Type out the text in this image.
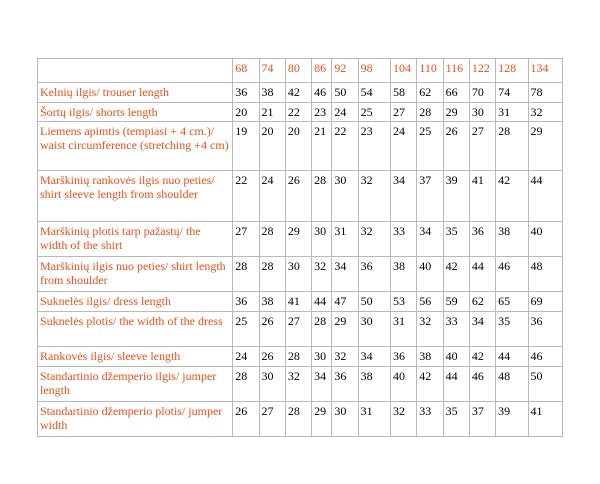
	68	74	80	86	92	98	104	110	116	122	128	134
Kelnių ilgis/ trouser length	36	38	42	46	50	54	58	62	66	70	74	78
Šortų ilgis/ shorts length	20	21	22	23	24	25	27	28	29	30	31	32
Liemens apimtis (tempiasi + 4 cm.)/ waist circumference (stretching +4 cm)	19	20	20	21	22	23	24	25	26	27	28	29
Marškinių rankovės ilgis nuo peties/ shirt sleeve length from shoulder	22	24	26	28	30	32	34	37	39	41	42	44
Marškinių plotis tarp pažastų/ the width of the shirt	27	28	29	30	31	32	33	34	35	36	38	40
Marškinių ilgis nuo peties/ shirt length from shoulder	28	28	30	32	34	36	38	40	42	44	46	48
Suknelės ilgis/ dress length	36	38	41	44	47	50	53	56	59	62	65	69
Suknelės plotis/ the width of the dress	25	26	27	28	29	30	31	32	33	34	35	36
Rankovės ilgis/ sleeve length	24	26	28	30	32	34	36	38	40	42	44	46
Standartinio džemperio ilgis/ jumper length	28	30	32	34	36	38	40	42	44	46	48	50
Standartinio džemperio plotis/ jumper width	26	27	28	29	30	31	32	33	35	37	39	41
